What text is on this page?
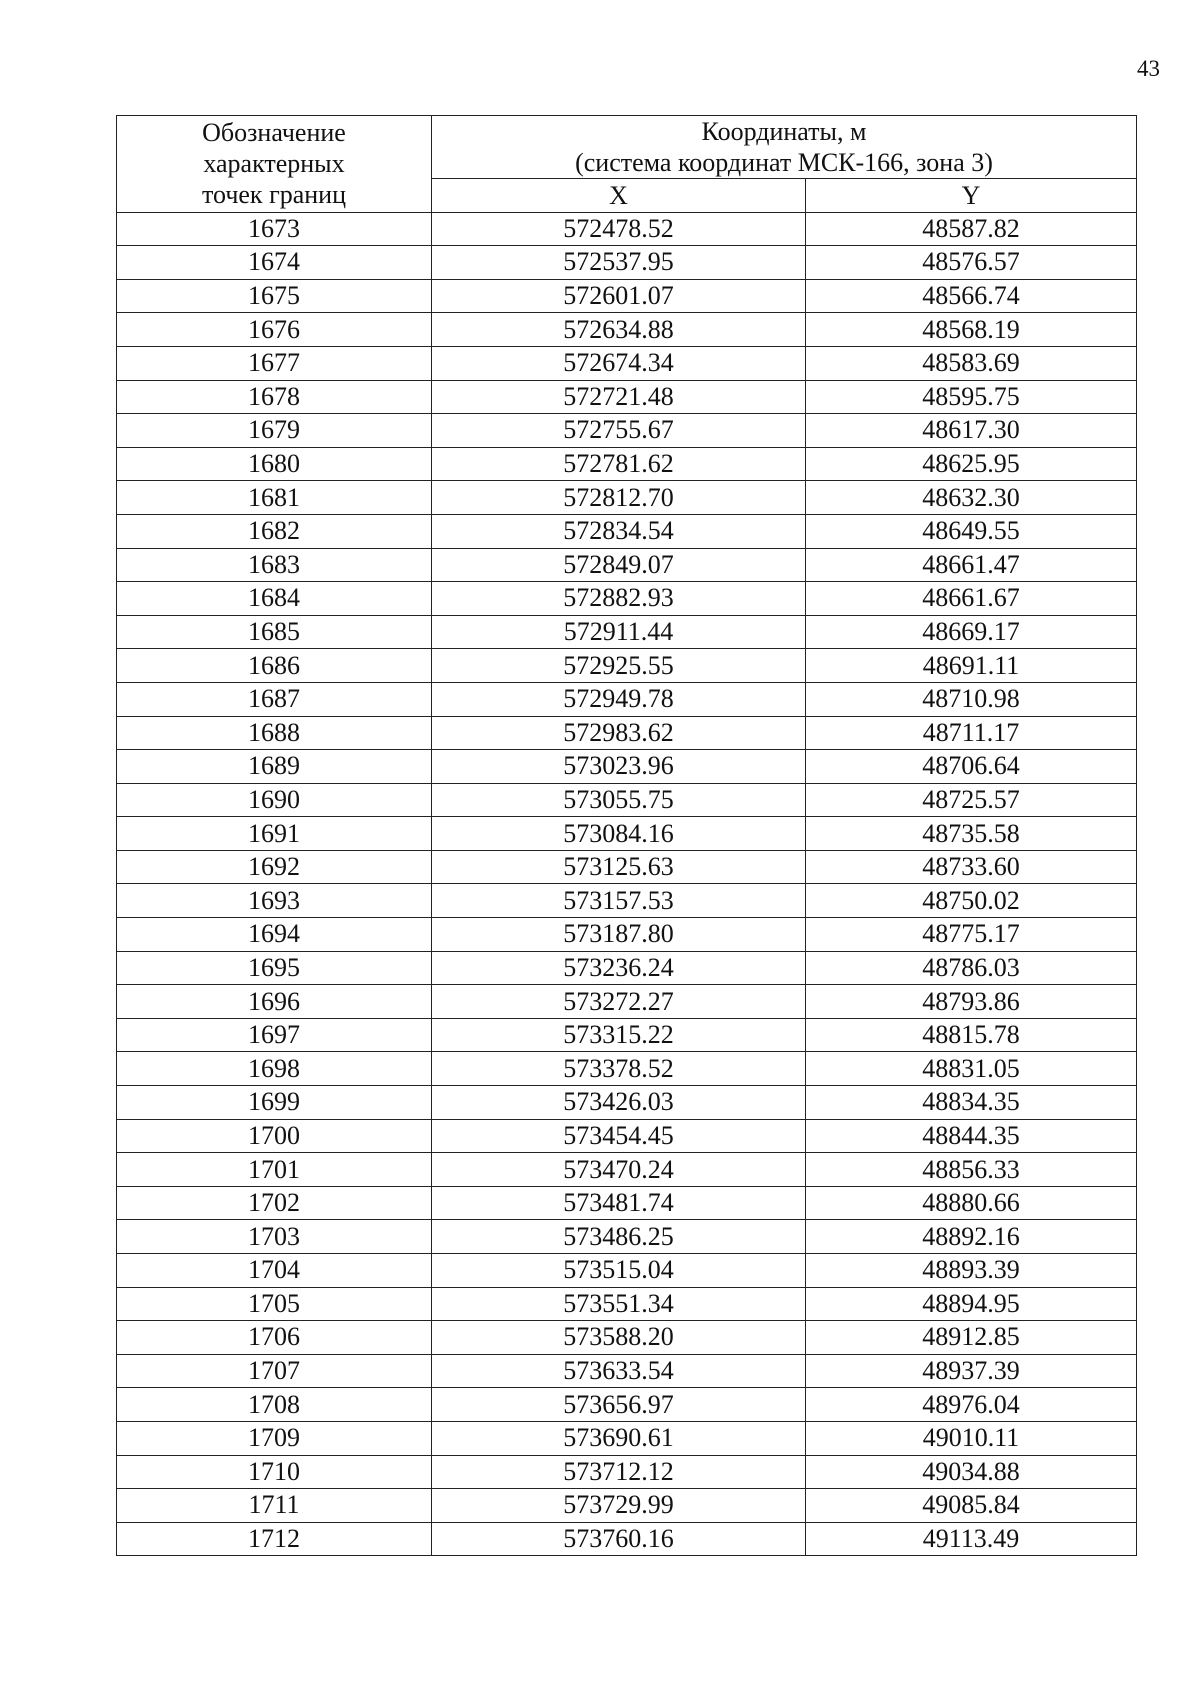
43
Обозначение
характерных
точек границ	Координаты, м
(система координат МСК-166, зона 3)	

	X	Y
1673	572478.52	48587.82
1674	572537.95	48576.57
1675	572601.07	48566.74
1676	572634.88	48568.19
1677	572674.34	48583.69
1678	572721.48	48595.75
1679	572755.67	48617.30
1680	572781.62	48625.95
1681	572812.70	48632.30
1682	572834.54	48649.55
1683	572849.07	48661.47
1684	572882.93	48661.67
1685	572911.44	48669.17
1686	572925.55	48691.11
1687	572949.78	48710.98
1688	572983.62	48711.17
1689	573023.96	48706.64
1690	573055.75	48725.57
1691	573084.16	48735.58
1692	573125.63	48733.60
1693	573157.53	48750.02
1694	573187.80	48775.17
1695	573236.24	48786.03
1696	573272.27	48793.86
1697	573315.22	48815.78
1698	573378.52	48831.05
1699	573426.03	48834.35
1700	573454.45	48844.35
1701	573470.24	48856.33
1702	573481.74	48880.66
1703	573486.25	48892.16
1704	573515.04	48893.39
1705	573551.34	48894.95
1706	573588.20	48912.85
1707	573633.54	48937.39
1708	573656.97	48976.04
1709	573690.61	49010.11
1710	573712.12	49034.88
1711	573729.99	49085.84
1712	573760.16	49113.49
